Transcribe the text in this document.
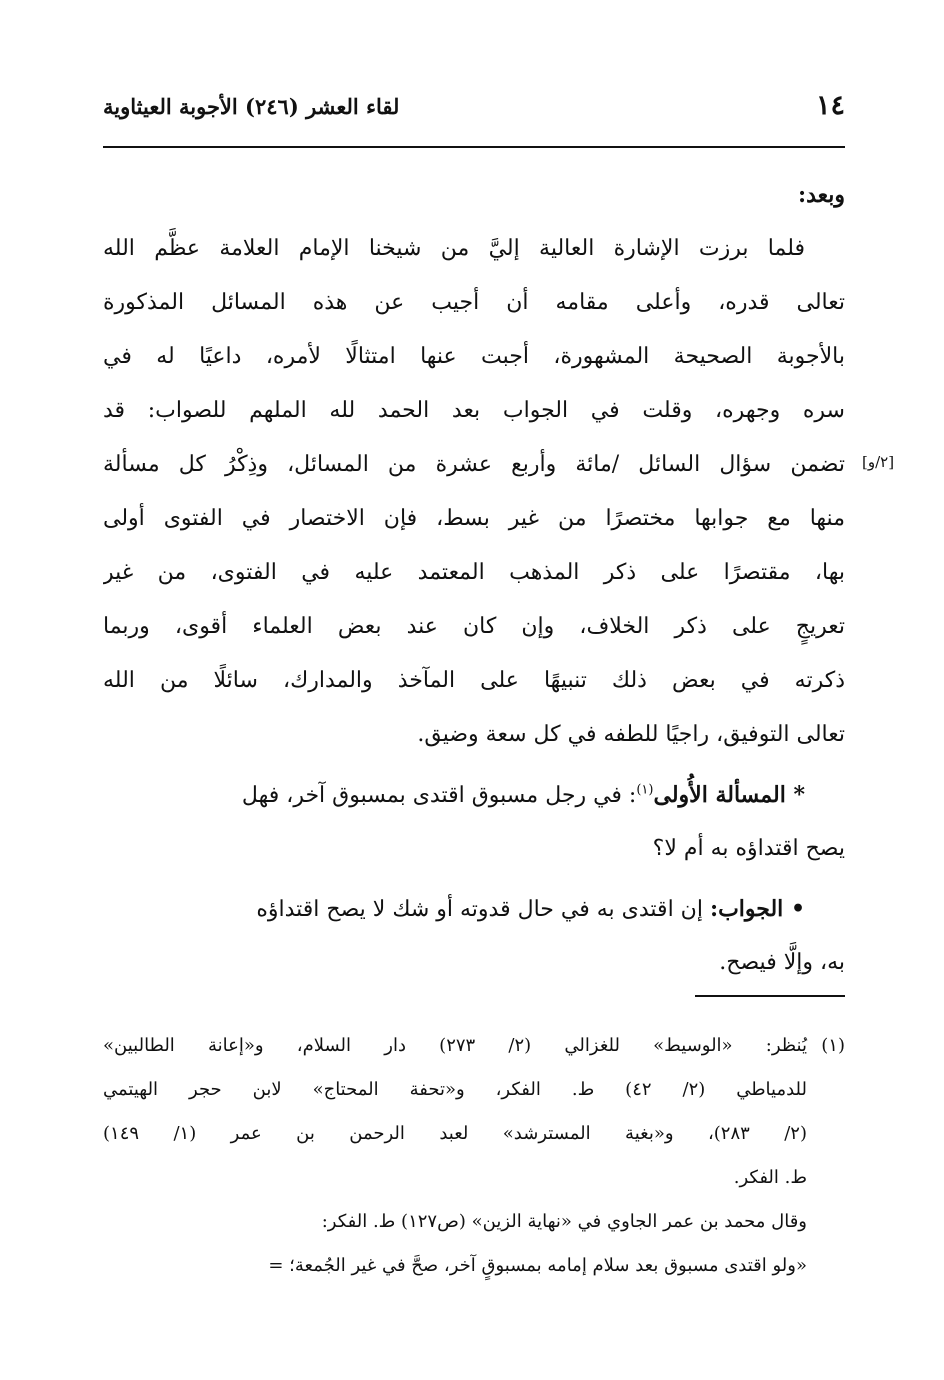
١٤
لقاء العشر (٢٤٦) الأجوبة العيثاوية
[٢/و]
وبعد:
فلما برزت الإشارة العالية إليَّ من شيخنا الإمام العلامة عظَّم الله
تعالى قدره، وأعلى مقامه أن أجيب عن هذه المسائل المذكورة
بالأجوبة الصحيحة المشهورة، أجبت عنها امتثالًا لأمره، داعيًا له في
سره وجهره، وقلت في الجواب بعد الحمد لله الملهم للصواب: قد
تضمن سؤال السائل /مائة وأربع عشرة من المسائل، وذِكْرُ كل مسألة
منها مع جوابها مختصرًا من غير بسط، فإن الاختصار في الفتوى أولى
بها، مقتصرًا على ذكر المذهب المعتمد عليه في الفتوى، من غير
تعريجٍ على ذكر الخلاف، وإن كان عند بعض العلماء أقوى، وربما
ذكرته في بعض ذلك تنبيهًا على المآخذ والمدارك، سائلًا من الله
تعالى التوفيق، راجيًا للطفه في كل سعة وضيق.
* المسألة الأُولى$^{(١)}$: في رجل مسبوق اقتدى بمسبوق آخر، فهل
يصح اقتداؤه به أم لا؟
• الجواب: إن اقتدى به في حال قدوته أو شك لا يصح اقتداؤه
به، وإلَّا فيصح.
(١)يُنظر: «الوسيط» للغزالي (٢/ ٢٧٣) دار السلام، و«إعانة الطالبين»
للدمياطي (٢/ ٤٢) ط. الفكر، و«تحفة المحتاج» لابن حجر الهيتمي
(٢/ ٢٨٣)، و«بغية المسترشد» لعبد الرحمن بن عمر (١/ ١٤٩)
ط. الفكر.
وقال محمد بن عمر الجاوي في «نهاية الزين» (ص١٢٧) ط. الفكر:
«ولو اقتدى مسبوق بعد سلام إمامه بمسبوقٍ آخر، صحَّ في غير الجُمعة؛ =
